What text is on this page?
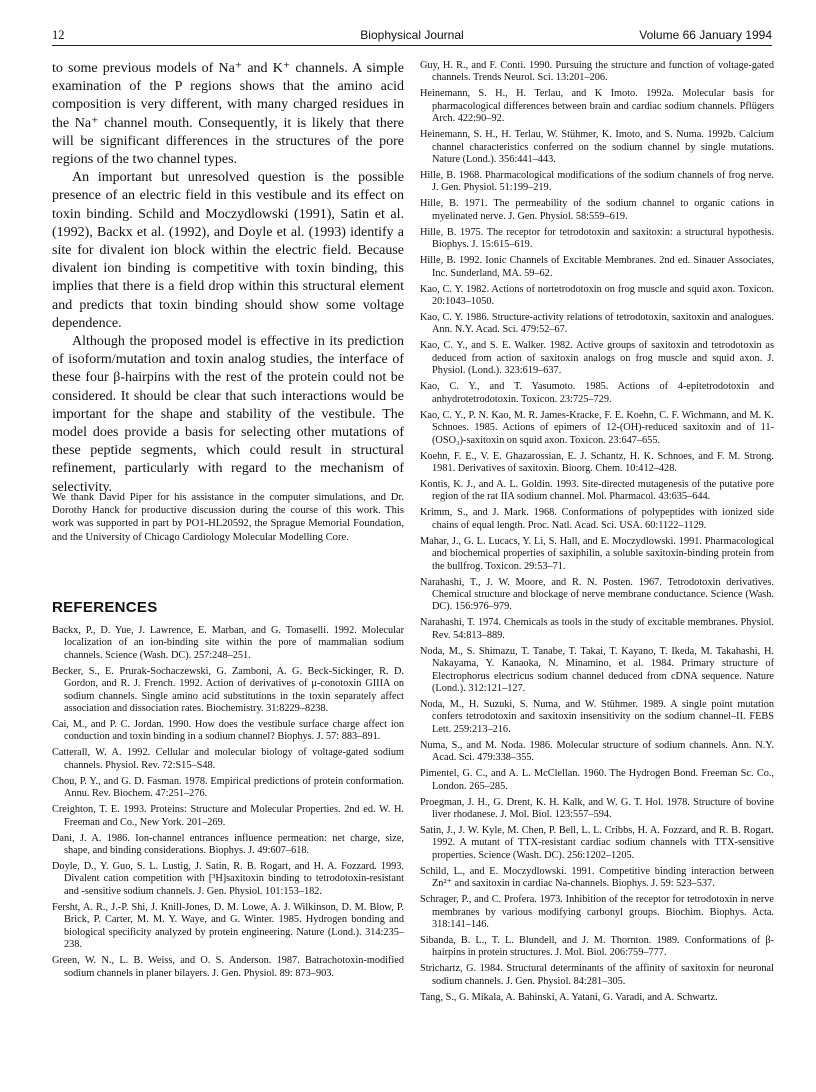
12	Biophysical Journal	Volume 66 January 1994

to some previous models of Na⁺ and K⁺ channels. A simple examination of the P regions shows that the amino acid composition is very different, with many charged residues in the Na⁺ channel mouth. Consequently, it is likely that there will be significant differences in the structures of the pore regions of the two channel types.

An important but unresolved question is the possible presence of an electric field in this vestibule and its effect on toxin binding. Schild and Moczydlowski (1991), Satin et al. (1992), Backx et al. (1992), and Doyle et al. (1993) identify a site for divalent ion block within the electric field. Because divalent ion binding is competitive with toxin binding, this implies that there is a field drop within this structural element and predicts that toxin binding should show some voltage dependence.

Although the proposed model is effective in its prediction of isoform/mutation and toxin analog studies, the interface of these four β-hairpins with the rest of the protein could not be considered. It should be clear that such interactions would be important for the shape and stability of the vestibule. The model does provide a basis for selecting other mutations of these peptide segments, which could result in structural refinement, particularly with regard to the mechanism of selectivity.

We thank David Piper for his assistance in the computer simulations, and Dr. Dorothy Hanck for productive discussion during the course of this work. This work was supported in part by PO1-HL20592, the Sprague Memorial Foundation, and the University of Chicago Cardiology Molecular Modelling Core.

REFERENCES
Backx, P., D. Yue, J. Lawrence, E. Marban, and G. Tomaselli. 1992. Molecular localization of an ion-binding site within the pore of mammalian sodium channels. Science (Wash. DC). 257:248–251.
Becker, S., E. Prurak-Sochaczewski, G. Zamboni, A. G. Beck-Sickinger, R. D. Gordon, and R. J. French. 1992. Action of derivatives of μ-conotoxin GIIIA on sodium channels. Single amino acid substitutions in the toxin separately affect association and dissociation rates. Biochemistry. 31:8229–8238.
Cai, M., and P. C. Jordan. 1990. How does the vestibule surface charge affect ion conduction and toxin binding in a sodium channel? Biophys. J. 57: 883–891.
Catterall, W. A. 1992. Cellular and molecular biology of voltage-gated sodium channels. Physiol. Rev. 72:S15–S48.
Chou, P. Y., and G. D. Fasman. 1978. Empirical predictions of protein conformation. Annu. Rev. Biochem. 47:251–276.
Creighton, T. E. 1993. Proteins: Structure and Molecular Properties. 2nd ed. W. H. Freeman and Co., New York. 201–269.
Dani, J. A. 1986. Ion-channel entrances influence permeation: net charge, size, shape, and binding considerations. Biophys. J. 49:607–618.
Doyle, D., Y. Guo, S. L. Lustig, J. Satin, R. B. Rogart, and H. A. Fozzard. 1993. Divalent cation competition with [³H]saxitoxin binding to tetrodotoxin-resistant and -sensitive sodium channels. J. Gen. Physiol. 101:153–182.
Fersht, A. R., J.-P. Shi, J. Knill-Jones, D. M. Lowe, A. J. Wilkinson, D. M. Blow, P. Brick, P. Carter, M. M. Y. Waye, and G. Winter. 1985. Hydrogen bonding and biological specificity analyzed by protein engineering. Nature (Lond.). 314:235–238.
Green, W. N., L. B. Weiss, and O. S. Anderson. 1987. Batrachotoxin-modified sodium channels in planer bilayers. J. Gen. Physiol. 89: 873–903.
Guy, H. R., and F. Conti. 1990. Pursuing the structure and function of voltage-gated channels. Trends Neurol. Sci. 13:201–206.
Heinemann, S. H., H. Terlau, and K Imoto. 1992a. Molecular basis for pharmacological differences between brain and cardiac sodium channels. Pflügers Arch. 422:90–92.
Heinemann, S. H., H. Terlau, W. Stühmer, K. Imoto, and S. Numa. 1992b. Calcium channel characteristics conferred on the sodium channel by single mutations. Nature (Lond.). 356:441–443.
Hille, B. 1968. Pharmacological modifications of the sodium channels of frog nerve. J. Gen. Physiol. 51:199–219.
Hille, B. 1971. The permeability of the sodium channel to organic cations in myelinated nerve. J. Gen. Physiol. 58:559–619.
Hille, B. 1975. The receptor for tetrodotoxin and saxitoxin: a structural hypothesis. Biophys. J. 15:615–619.
Hille, B. 1992. Ionic Channels of Excitable Membranes. 2nd ed. Sinauer Associates, Inc. Sunderland, MA. 59–62.
Kao, C. Y. 1982. Actions of nortetrodotoxin on frog muscle and squid axon. Toxicon. 20:1043–1050.
Kao, C. Y. 1986. Structure-activity relations of tetrodotoxin, saxitoxin and analogues. Ann. N.Y. Acad. Sci. 479:52–67.
Kao, C. Y., and S. E. Walker. 1982. Active groups of saxitoxin and tetrodotoxin as deduced from action of saxitoxin analogs on frog muscle and squid axon. J. Physiol. (Lond.). 323:619–637.
Kao, C. Y., and T. Yasumoto. 1985. Actions of 4-epitetrodotoxin and anhydrotetrodotoxin. Toxicon. 23:725–729.
Kao, C. Y., P. N. Kao, M. R. James-Kracke, F. E. Koehn, C. F. Wichmann, and M. K. Schnoes. 1985. Actions of epimers of 12-(OH)-reduced saxitoxin and of 11-(OSO₃)-saxitoxin on squid axon. Toxicon. 23:647–655.
Koehn, F. E., V. E. Ghazarossian, E. J. Schantz, H. K. Schnoes, and F. M. Strong. 1981. Derivatives of saxitoxin. Bioorg. Chem. 10:412–428.
Kontis, K. J., and A. L. Goldin. 1993. Site-directed mutagenesis of the putative pore region of the rat IIA sodium channel. Mol. Pharmacol. 43:635–644.
Krimm, S., and J. Mark. 1968. Conformations of polypeptides with ionized side chains of equal length. Proc. Natl. Acad. Sci. USA. 60:1122–1129.
Mahar, J., G. L. Lucacs, Y. Li, S. Hall, and E. Moczydlowski. 1991. Pharmacological and biochemical properties of saxiphilin, a soluble saxitoxin-binding protein from the bullfrog. Toxicon. 29:53–71.
Narahashi, T., J. W. Moore, and R. N. Posten. 1967. Tetrodotoxin derivatives. Chemical structure and blockage of nerve membrane conductance. Science (Wash. DC). 156:976–979.
Narahashi, T. 1974. Chemicals as tools in the study of excitable membranes. Physiol. Rev. 54:813–889.
Noda, M., S. Shimazu, T. Tanabe, T. Takai, T. Kayano, T. Ikeda, M. Takahashi, H. Nakayama, Y. Kanaoka, N. Minamino, et al. 1984. Primary structure of Electrophorus electricus sodium channel deduced from cDNA sequence. Nature (Lond.). 312:121–127.
Noda, M., H. Suzuki, S. Numa, and W. Stühmer. 1989. A single point mutation confers tetrodotoxin and saxitoxin insensitivity on the sodium channel–II. FEBS Lett. 259:213–216.
Numa, S., and M. Noda. 1986. Molecular structure of sodium channels. Ann. N.Y. Acad. Sci. 479:338–355.
Pimentel, G. C., and A. L. McClellan. 1960. The Hydrogen Bond. Freeman Sc. Co., London. 265–285.
Proegman, J. H., G. Drent, K. H. Kalk, and W. G. T. Hol. 1978. Structure of bovine liver rhodanese. J. Mol. Biol. 123:557–594.
Satin, J., J. W. Kyle, M. Chen, P. Bell, L. L. Cribbs, H. A. Fozzard, and R. B. Rogart. 1992. A mutant of TTX-resistant cardiac sodium channels with TTX-sensitive properties. Science (Wash. DC). 256:1202–1205.
Schild, L., and E. Moczydlowski. 1991. Competitive binding interaction between Zn²⁺ and saxitoxin in cardiac Na-channels. Biophys. J. 59: 523–537.
Schrager, P., and C. Profera. 1973. Inhibition of the receptor for tetrodotoxin in nerve membranes by various modifying carbonyl groups. Biochim. Biophys. Acta. 318:141–146.
Sibanda, B. L., T. L. Blundell, and J. M. Thornton. 1989. Conformations of β-hairpins in protein structures. J. Mol. Biol. 206:759–777.
Strichartz, G. 1984. Structural determinants of the affinity of saxitoxin for neuronal sodium channels. J. Gen. Physiol. 84:281–305.
Tang, S., G. Mikala, A. Bahinski, A. Yatani, G. Varadi, and A. Schwartz.
